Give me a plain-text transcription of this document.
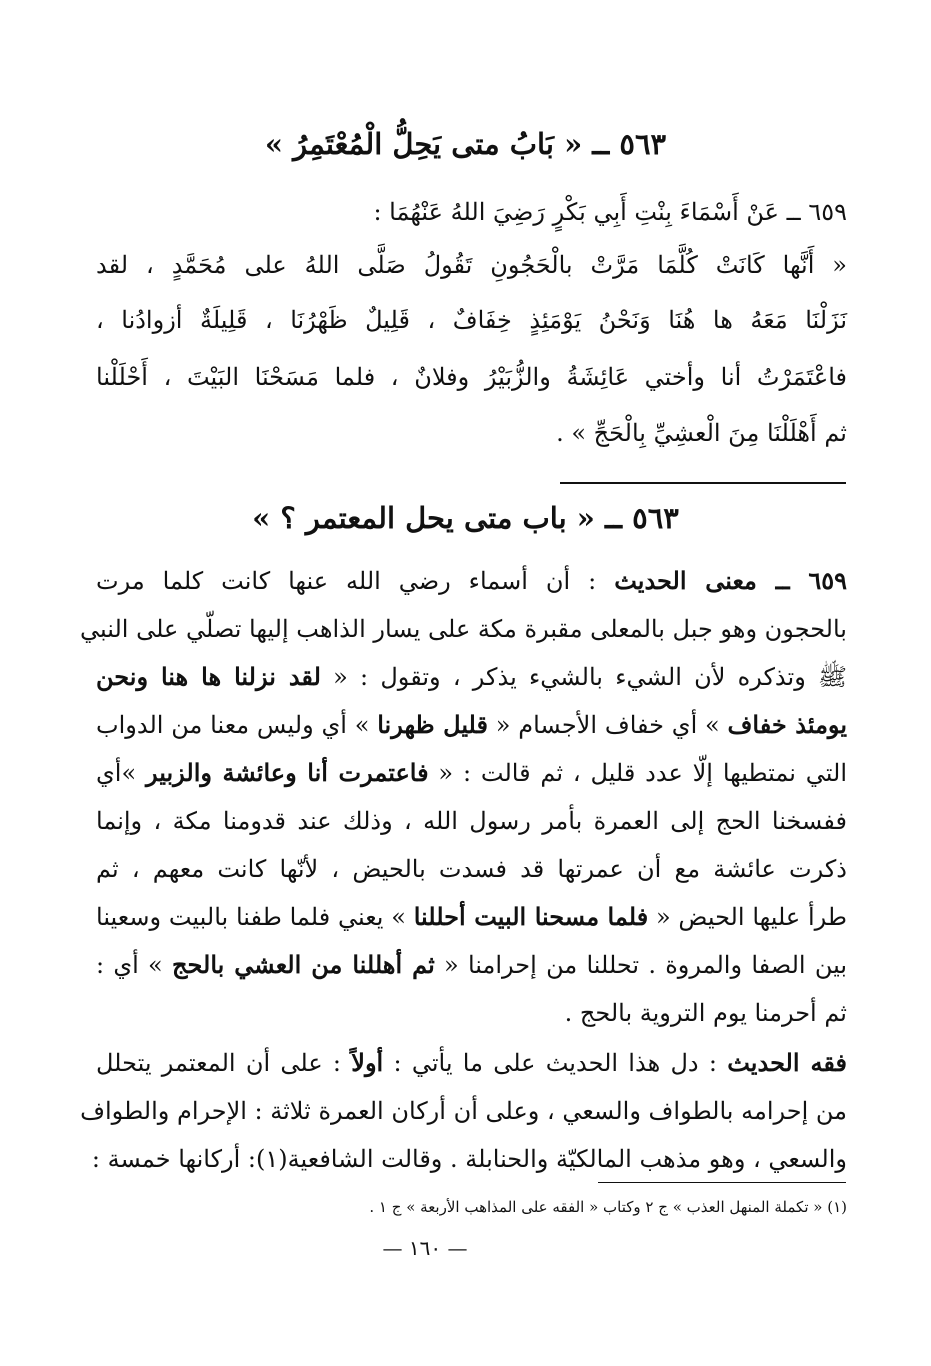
٥٦٣ ــ « بَابُ متى يَحِلُّ الْمُعْتَمِرُ »
٦٥٩ ــ عَنْ أَسْمَاءَ بِنْتِ أَبِي بَكْرٍ رَضِيَ اللهُ عَنْهُمَا :
« أَنَّها كَانَتْ كُلَّمَا مَرَّتْ بالْحَجُونِ تَقُولُ صَلَّى اللهُ على مُحَمَّدٍ ، لقد
نَزَلْنَا مَعَهُ ها هُنَا وَنَحْنُ يَوْمَئِذٍ خِفَافٌ ، قَلِيلٌ ظَهْرُنَا ، قَلِيلَةٌ أزوادُنا ،
فاعْتَمَرْتُ أنا وأختي عَائِشَةُ والزُّبَيْرُ وفلانٌ ، فلما مَسَحْنَا البَيْتَ ، أَحْلَلْنا
ثم أَهْلَلْنَا مِنَ الْعشِيِّ بِالْحَجِّ » .
٥٦٣ ــ « باب متى يحل المعتمر ؟ »
٦٥٩ ــ معنى الحديث : أن أسماء رضي الله عنها كانت كلما مرت
بالحجون وهو جبل بالمعلى مقبرة مكة على يسار الذاهب إليها تصلّي على النبي
ﷺ وتذكره لأن الشيء بالشيء يذكر ، وتقول : « لقد نزلنا ها هنا ونحن
يومئذ خفاف » أي خفاف الأجسام « قليل ظهرنا » أي وليس معنا من الدواب
التي نمتطيها إلّا عدد قليل ، ثم قالت : « فاعتمرت أنا وعائشة والزبير »أي
ففسخنا الحج إلى العمرة بأمر رسول الله ، وذلك عند قدومنا مكة ، وإنما
ذكرت عائشة مع أن عمرتها قد فسدت بالحيض ، لأنّها كانت معهم ، ثم
طرأ عليها الحيض « فلما مسحنا البيت أحللنا » يعني فلما طفنا بالبيت وسعينا
بين الصفا والمروة . تحللنا من إحرامنا « ثم أهللنا من العشي بالحج » أي :
ثم أحرمنا يوم التروية بالحج .
فقه الحديث : دل هذا الحديث على ما يأتي : أولاً : على أن المعتمر يتحلل
من إحرامه بالطواف والسعي ، وعلى أن أركان العمرة ثلاثة : الإحرام والطواف
والسعي ، وهو مذهب المالكيّة والحنابلة . وقالت الشافعية(١): أركانها خمسة :
(١) « تكملة المنهل العذب » ج ٢ وكتاب « الفقه على المذاهب الأربعة » ج ١ .
— ١٦٠ —
